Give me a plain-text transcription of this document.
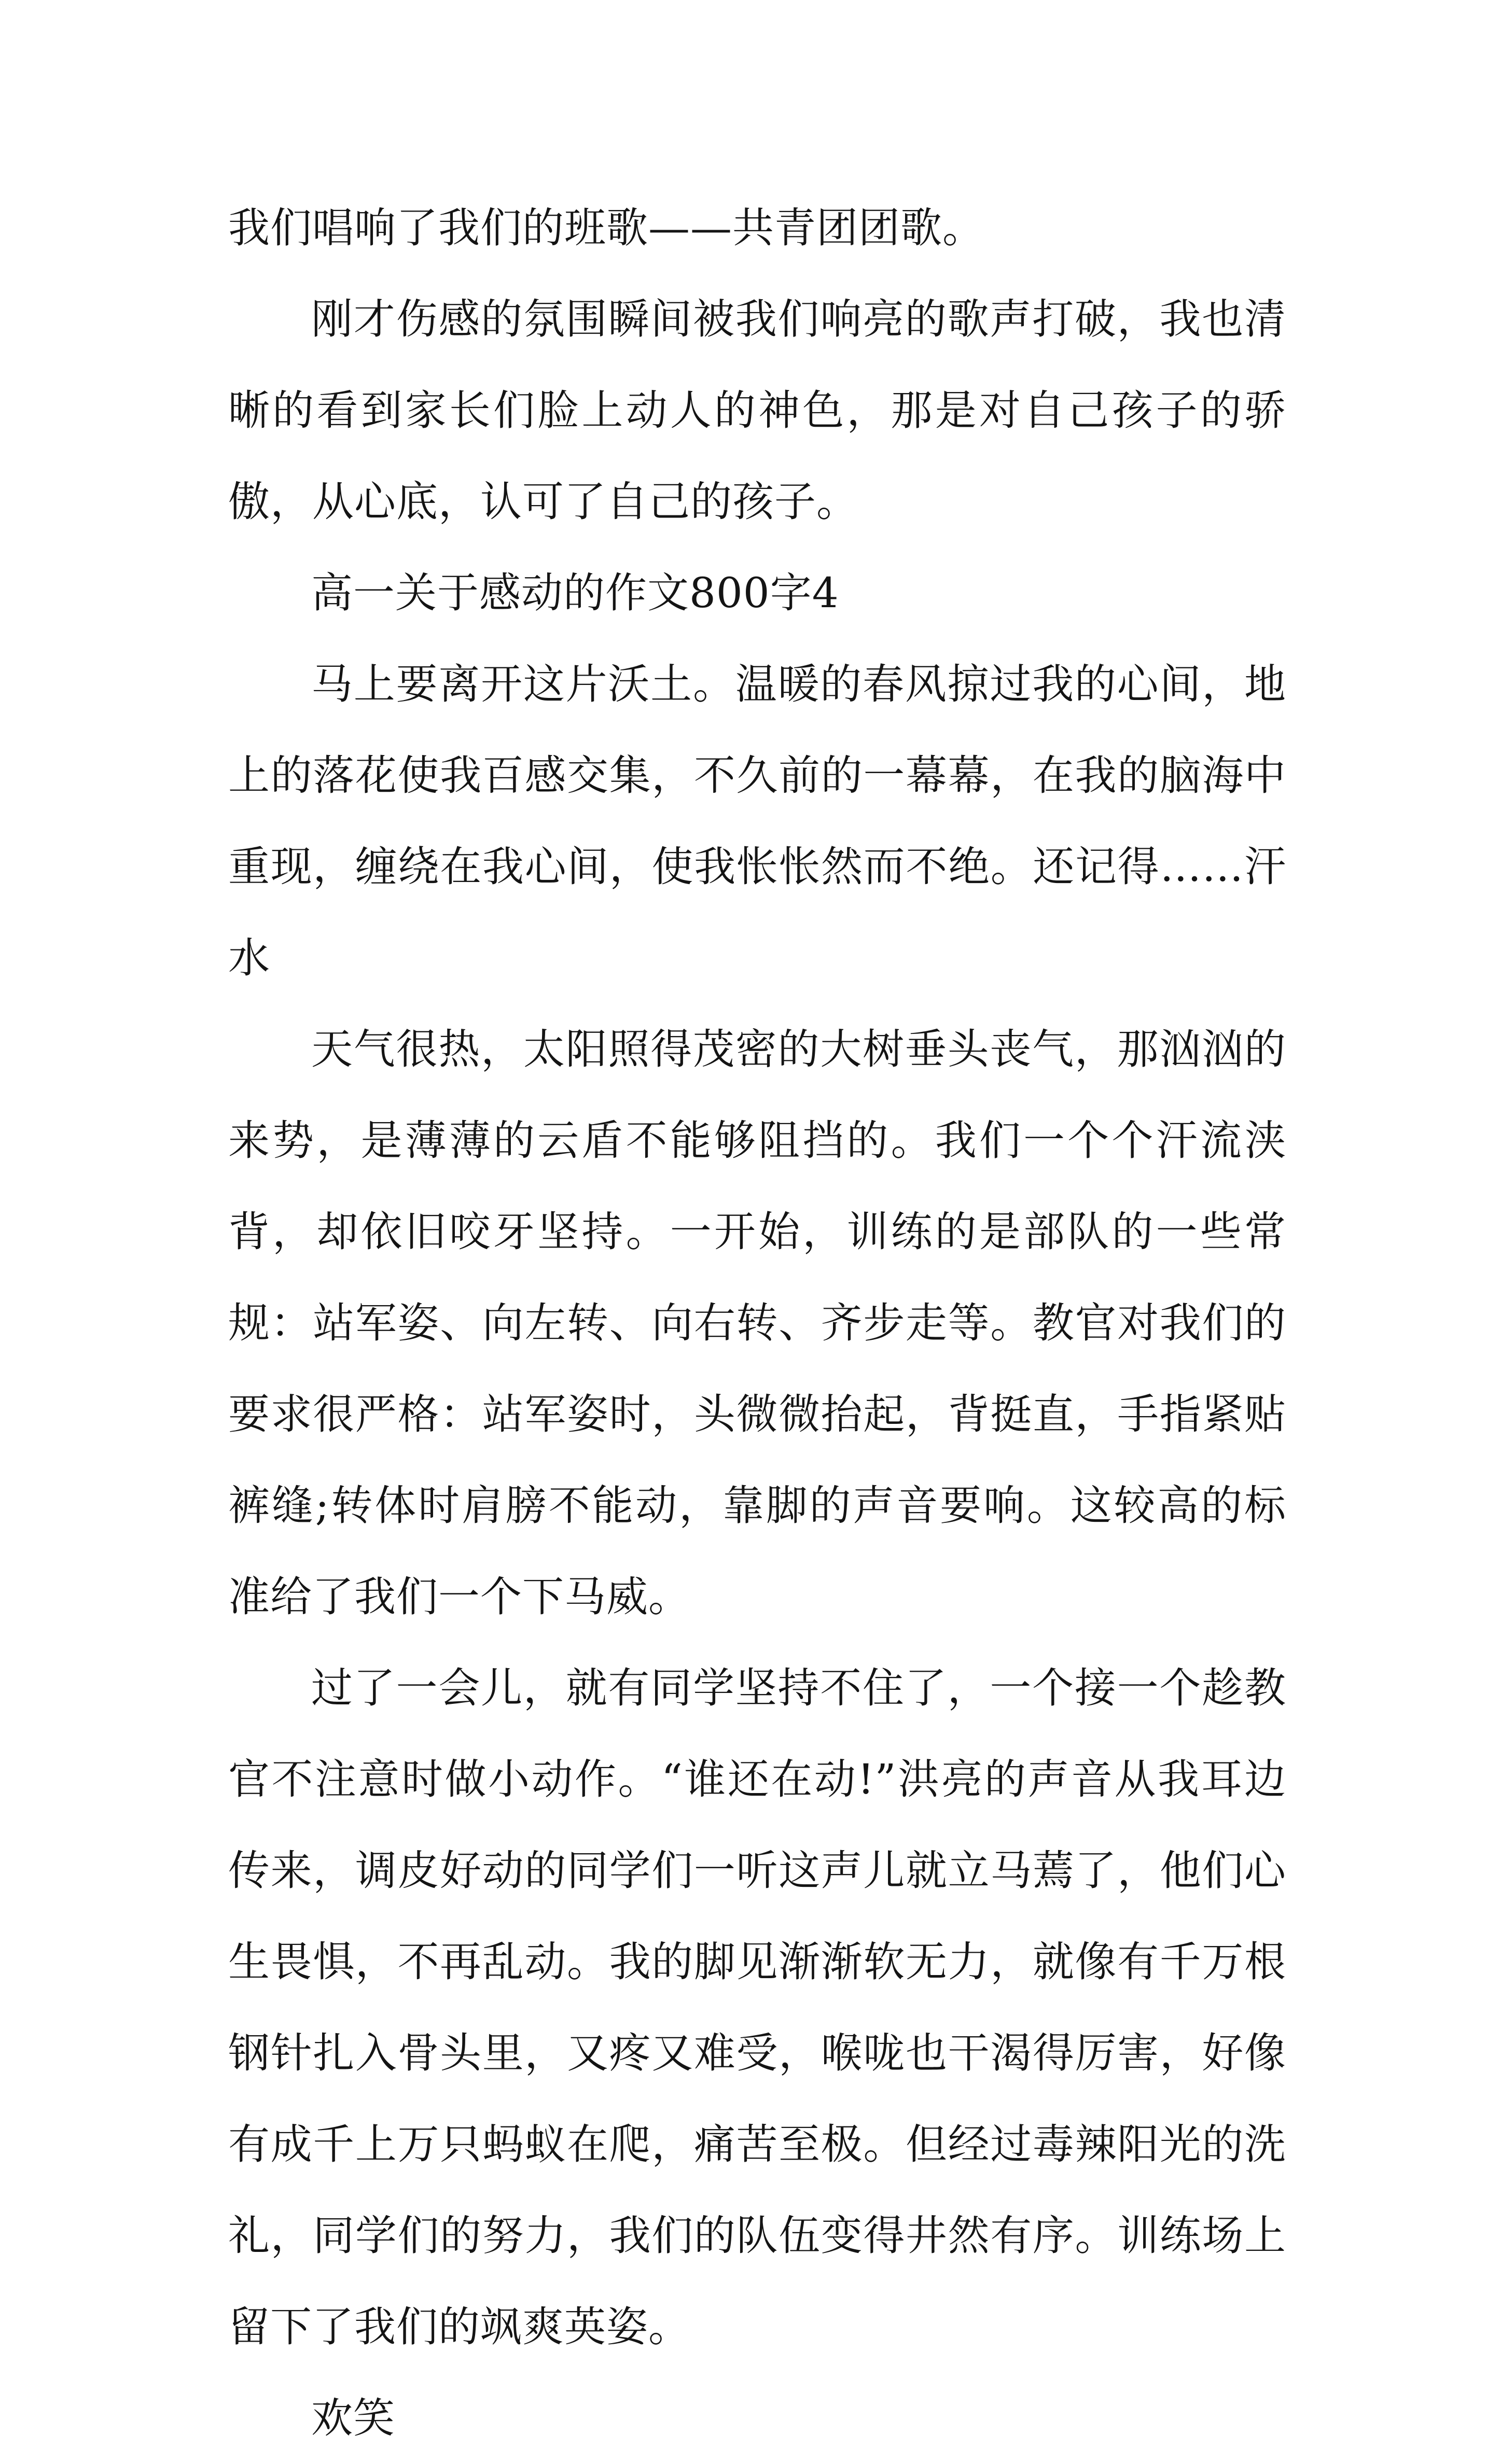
我们唱响了我们的班歌——共青团团歌。

刚才伤感的氛围瞬间被我们响亮的歌声打破，我也清晰的看到家长们脸上动人的神色，那是对自己孩子的骄傲，从心底，认可了自己的孩子。

高一关于感动的作文800字4

马上要离开这片沃土。温暖的春风掠过我的心间，地上的落花使我百感交集，不久前的一幕幕，在我的脑海中重现，缠绕在我心间，使我怅怅然而不绝。还记得……汗水

天气很热，太阳照得茂密的大树垂头丧气，那汹汹的来势，是薄薄的云盾不能够阻挡的。我们一个个汗流浃背，却依旧咬牙坚持。一开始，训练的是部队的一些常规：站军姿、向左转、向右转、齐步走等。教官对我们的要求很严格：站军姿时，头微微抬起，背挺直，手指紧贴裤缝;转体时肩膀不能动，靠脚的声音要响。这较高的标准给了我们一个下马威。

过了一会儿，就有同学坚持不住了，一个接一个趁教官不注意时做小动作。“谁还在动!”洪亮的声音从我耳边传来，调皮好动的同学们一听这声儿就立马蔫了，他们心生畏惧，不再乱动。我的脚见渐渐软无力，就像有千万根钢针扎入骨头里，又疼又难受，喉咙也干渴得厉害，好像有成千上万只蚂蚁在爬，痛苦至极。但经过毒辣阳光的洗礼，同学们的努力，我们的队伍变得井然有序。训练场上留下了我们的飒爽英姿。

欢笑
